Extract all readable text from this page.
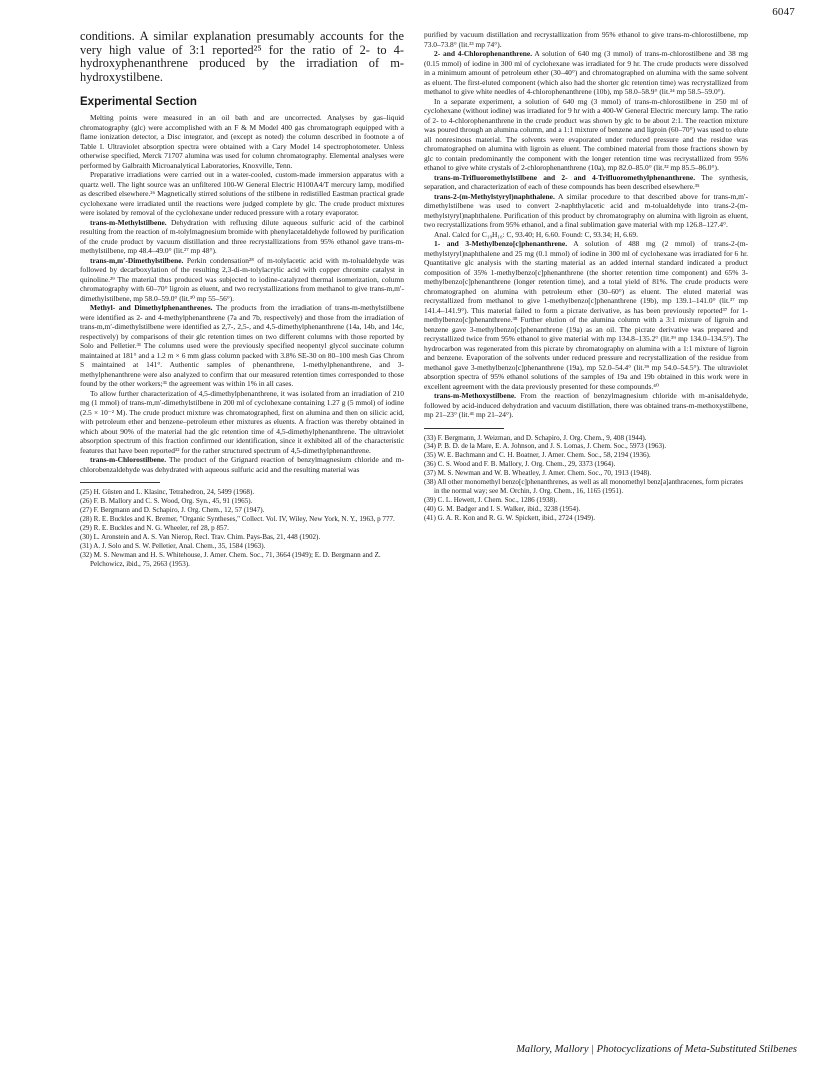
6047

conditions. A similar explanation presumably accounts for the very high value of 3:1 reported²⁵ for the ratio of 2- to 4-hydroxyphenanthrene produced by the irradiation of m-hydroxystilbene.

Experimental Section

Melting points were measured in an oil bath and are uncorrected. Analyses by gas–liquid chromatography (glc) were accomplished with an F & M Model 400 gas chromatograph equipped with a flame ionization detector, a Disc integrator, and (except as noted) the column described in footnote a of Table I. Ultraviolet absorption spectra were obtained with a Cary Model 14 spectrophotometer. Unless otherwise specified, Merck 71707 alumina was used for column chromatography. Elemental analyses were performed by Galbraith Microanalytical Laboratories, Knoxville, Tenn.

Preparative irradiations were carried out in a water-cooled, custom-made immersion apparatus with a quartz well. The light source was an unfiltered 100-W General Electric H100A4/T mercury lamp, modified as described elsewhere.²⁶ Magnetically stirred solutions of the stilbene in redistilled Eastman practical grade cyclohexane were irradiated until the reactions were judged complete by glc. The crude product mixtures were isolated by removal of the cyclohexane under reduced pressure with a rotary evaporator.

trans-m-Methylstilbene. Dehydration with refluxing dilute aqueous sulfuric acid of the carbinol resulting from the reaction of m-tolylmagnesium bromide with phenylacetaldehyde followed by purification of the crude product by vacuum distillation and three recrystallizations from 95% ethanol gave trans-m-methylstilbene, mp 48.4–49.0° (lit.²⁷ mp 48°).

trans-m,m′-Dimethylstilbene. Perkin condensation²⁸ of m-tolylacetic acid with m-tolualdehyde was followed by decarboxylation of the resulting 2,3-di-m-tolylacrylic acid with copper chromite catalyst in quinoline.²⁹ The material thus produced was subjected to iodine-catalyzed thermal isomerization, column chromatography with 60–70° ligroin as eluent, and two recrystallizations from methanol to give trans-m,m′-dimethylstilbene, mp 58.0–59.0° (lit.³⁰ mp 55–56°).

Methyl- and Dimethylphenanthrenes. The products from the irradiation of trans-m-methylstilbene were identified as 2- and 4-methylphenanthrene (7a and 7b, respectively) and those from the irradiation of trans-m,m′-dimethylstilbene were identified as 2,7-, 2,5-, and 4,5-dimethylphenanthrene (14a, 14b, and 14c, respectively) by comparisons of their glc retention times on two different columns with those reported by Solo and Pelletier.³¹ The columns used were the previously specified neopentyl glycol succinate column maintained at 181° and a 1.2 m × 6 mm glass column packed with 3.8% SE-30 on 80–100 mesh Gas Chrom S maintained at 141°. Authentic samples of phenanthrene, 1-methylphenanthrene, and 3-methylphenanthrene were also analyzed to confirm that our measured retention times corresponded to those found by the other workers;³¹ the agreement was within 1% in all cases.

To allow further characterization of 4,5-dimethylphenanthrene, it was isolated from an irradiation of 210 mg (1 mmol) of trans-m,m′-dimethylstilbene in 200 ml of cyclohexane containing 1.27 g (5 mmol) of iodine (2.5 × 10⁻² M). The crude product mixture was chromatographed, first on alumina and then on silicic acid, with petroleum ether and benzene–petroleum ether mixtures as eluents. A fraction was thereby obtained in which about 90% of the material had the glc retention time of 4,5-dimethylphenanthrene. The ultraviolet absorption spectrum of this fraction confirmed our identification, since it exhibited all of the characteristic features that have been reported³² for the rather structured spectrum of 4,5-dimethylphenanthrene.

trans-m-Chlorostilbene. The product of the Grignard reaction of benzylmagnesium chloride and m-chlorobenzaldehyde was dehydrated with aqueous sulfuric acid and the resulting material was

(25) H. Güsten and L. Klasinc, Tetrahedron, 24, 5499 (1968).
(26) F. B. Mallory and C. S. Wood, Org. Syn., 45, 91 (1965).
(27) F. Bergmann and D. Schapiro, J. Org. Chem., 12, 57 (1947).
(28) R. E. Buckles and K. Bremer, "Organic Syntheses," Collect. Vol. IV, Wiley, New York, N. Y., 1963, p 777.
(29) R. E. Buckles and N. G. Wheeler, ref 28, p 857.
(30) L. Aronstein and A. S. Van Nierop, Recl. Trav. Chim. Pays-Bas, 21, 448 (1902).
(31) A. J. Solo and S. W. Pelletier, Anal. Chem., 35, 1584 (1963).
(32) M. S. Newman and H. S. Whitehouse, J. Amer. Chem. Soc., 71, 3664 (1949); E. D. Bergmann and Z. Pelchowicz, ibid., 75, 2663 (1953).

purified by vacuum distillation and recrystallization from 95% ethanol to give trans-m-chlorostilbene, mp 73.0–73.8° (lit.³³ mp 74°).

2- and 4-Chlorophenanthrene. A solution of 640 mg (3 mmol) of trans-m-chlorostilbene and 38 mg (0.15 mmol) of iodine in 300 ml of cyclohexane was irradiated for 9 hr. The crude products were dissolved in a minimum amount of petroleum ether (30–40°) and chromatographed on alumina with the same solvent as eluent. The first-eluted component (which also had the shorter glc retention time) was recrystallized from methanol to give white needles of 4-chlorophenanthrene (10b), mp 58.0–58.9° (lit.³⁴ mp 58.5–59.0°).

In a separate experiment, a solution of 640 mg (3 mmol) of trans-m-chlorostilbene in 250 ml of cyclohexane (without iodine) was irradiated for 9 hr with a 400-W General Electric mercury lamp. The ratio of 2- to 4-chlorophenanthrene in the crude product was shown by glc to be about 2:1. The reaction mixture was poured through an alumina column, and a 1:1 mixture of benzene and ligroin (60–70°) was used to elute all nonresinous material. The solvents were evaporated under reduced pressure and the residue was chromatographed on alumina with ligroin as eluent. The combined material from those fractions shown by glc to contain predominantly the component with the longer retention time was recrystallized from 95% ethanol to give white crystals of 2-chlorophenanthrene (10a), mp 82.0–85.0° (lit.³² mp 85.5–86.0°).

trans-m-Trifluoromethylstilbene and 2- and 4-Trifluoromethylphenanthrene. The synthesis, separation, and characterization of each of these compounds has been described elsewhere.³⁵

trans-2-(m-Methylstyryl)naphthalene. A similar procedure to that described above for trans-m,m′-dimethylstilbene was used to convert 2-naphthylacetic acid and m-tolualdehyde into trans-2-(m-methylstyryl)naphthalene. Purification of this product by chromatography on alumina with ligroin as eluent, two recrystallizations from 95% ethanol, and a final sublimation gave material with mp 126.8–127.4°.

Anal. Calcd for C₁₉H₁₆: C, 93.40; H, 6.60. Found: C, 93.34; H, 6.69.

1- and 3-Methylbenzo[c]phenanthrene. A solution of 488 mg (2 mmol) of trans-2-(m-methylstyryl)naphthalene and 25 mg (0.1 mmol) of iodine in 300 ml of cyclohexane was irradiated for 6 hr. Quantitative glc analysis with the starting material as an added internal standard indicated a product composition of 35% 1-methylbenzo[c]phenanthrene (the shorter retention time component) and 65% 3-methylbenzo[c]phenanthrene (longer retention time), and a total yield of 81%. The crude products were chromatographed on alumina with petroleum ether (30–60°) as eluent. The eluted material was recrystallized from methanol to give 1-methylbenzo[c]phenanthrene (19b), mp 139.1–141.0° (lit.³⁷ mp 141.4–141.9°). This material failed to form a picrate derivative, as has been previously reported³⁷ for 1-methylbenzo[c]phenanthrene.³⁸ Further elution of the alumina column with a 3:1 mixture of ligroin and benzene gave 3-methylbenzo[c]phenanthrene (19a) as an oil. The picrate derivative was prepared and recrystallized twice from 95% ethanol to give material with mp 134.8–135.2° (lit.³⁹ mp 134.0–134.5°). The hydrocarbon was regenerated from this picrate by chromatography on alumina with a 1:1 mixture of ligroin and benzene. Evaporation of the solvents under reduced pressure and recrystallization of the residue from methanol gave 3-methylbenzo[c]phenanthrene (19a), mp 52.0–54.4° (lit.³⁹ mp 54.0–54.5°). The ultraviolet absorption spectra of 95% ethanol solutions of the samples of 19a and 19b obtained in this work were in excellent agreement with the data previously presented for these compounds.⁴⁰

trans-m-Methoxystilbene. From the reaction of benzylmagnesium chloride with m-anisaldehyde, followed by acid-induced dehydration and vacuum distillation, there was obtained trans-m-methoxystilbene, mp 21–23° (lit.⁴¹ mp 21–24°).

(33) F. Bergmann, J. Weizman, and D. Schapiro, J. Org. Chem., 9, 408 (1944).
(34) P. B. D. de la Mare, E. A. Johnson, and J. S. Lomas, J. Chem. Soc., 5973 (1963).
(35) W. E. Bachmann and C. H. Boatner, J. Amer. Chem. Soc., 58, 2194 (1936).
(36) C. S. Wood and F. B. Mallory, J. Org. Chem., 29, 3373 (1964).
(37) M. S. Newman and W. B. Wheatley, J. Amer. Chem. Soc., 70, 1913 (1948).
(38) All other monomethyl benzo[c]phenanthrenes, as well as all monomethyl benz[a]anthracenes, form picrates in the normal way; see M. Orchin, J. Org. Chem., 16, 1165 (1951).
(39) C. L. Hewett, J. Chem. Soc., 1286 (1938).
(40) G. M. Badger and I. S. Walker, ibid., 3238 (1954).
(41) G. A. R. Kon and R. G. W. Spickett, ibid., 2724 (1949).
Mallory, Mallory | Photocyclizations of Meta-Substituted Stilbenes
